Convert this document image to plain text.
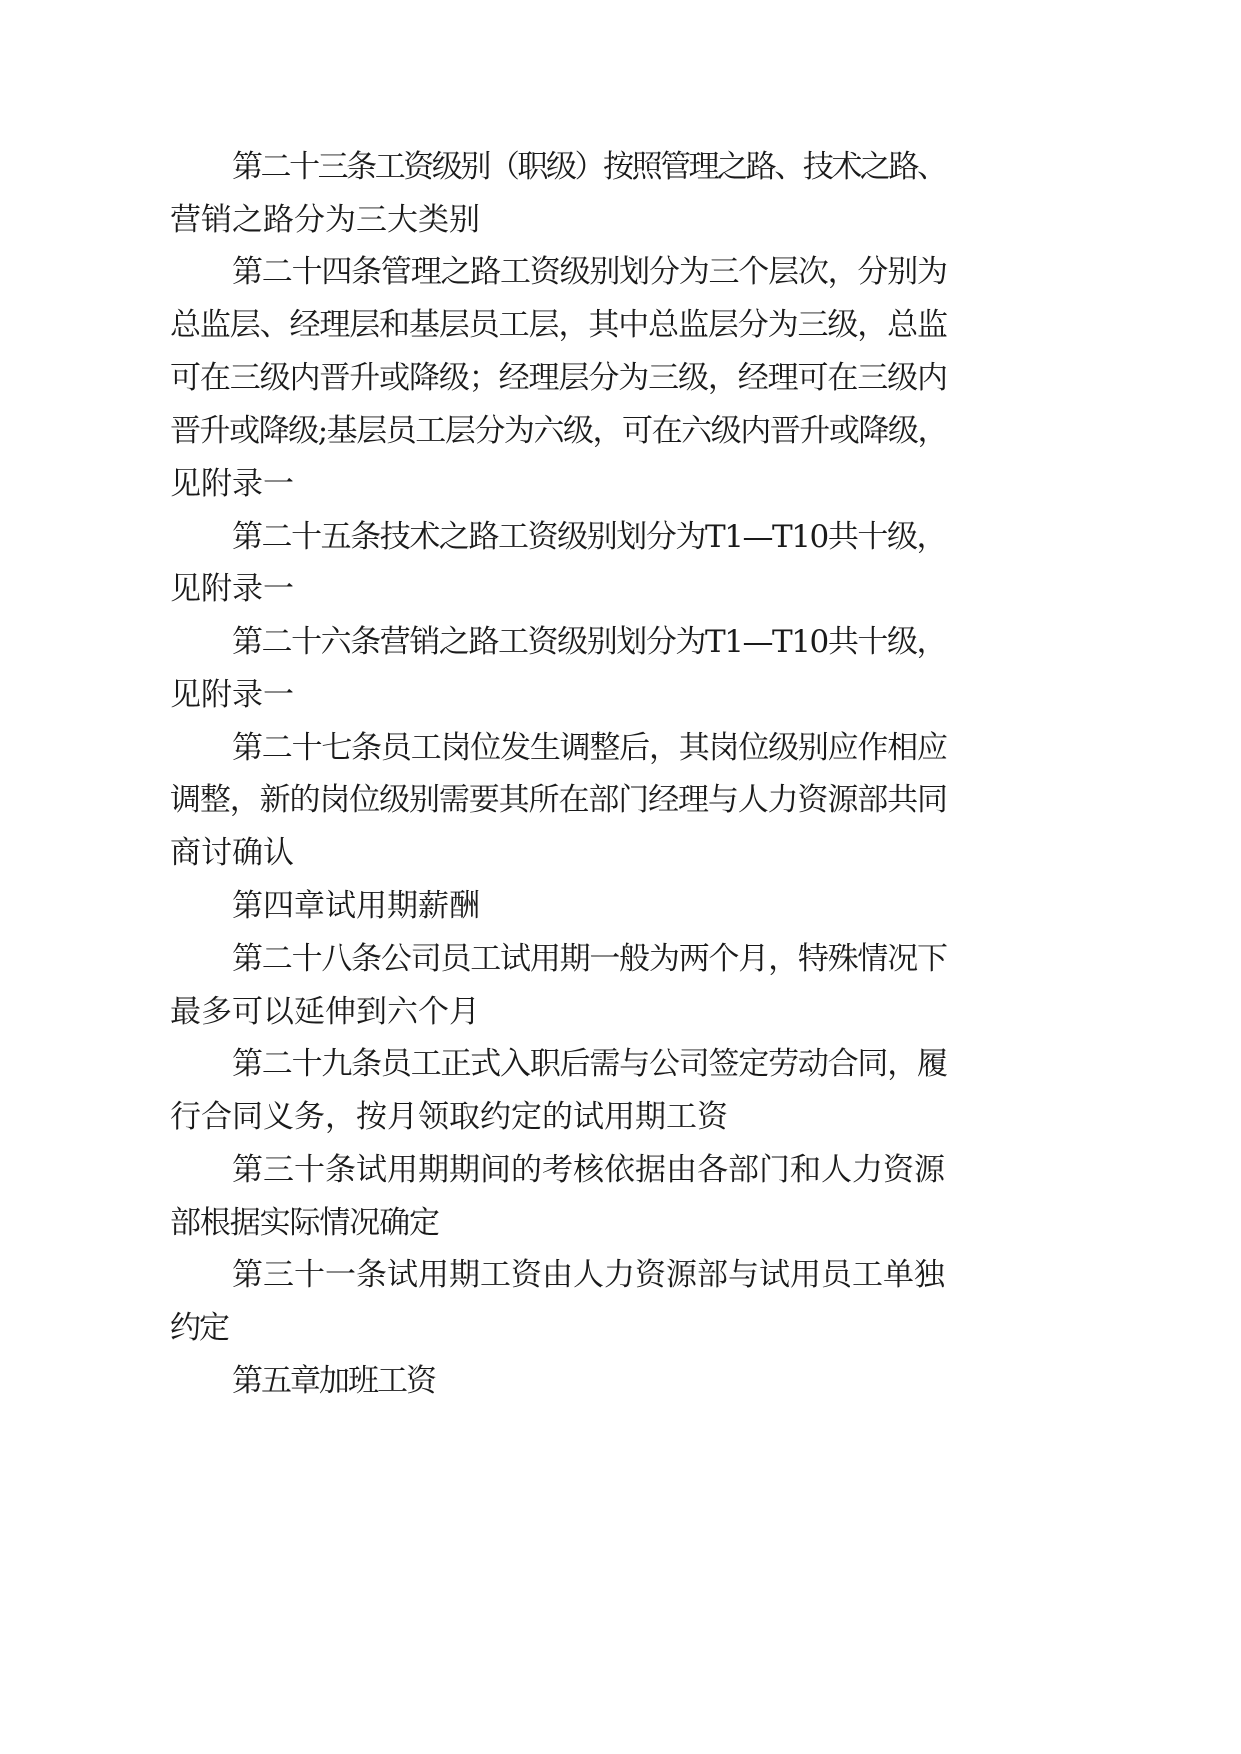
第二十三条工资级别（职级）按照管理之路、技术之路、

营销之路分为三大类别

第二十四条管理之路工资级别划分为三个层次，分别为

总监层、经理层和基层员工层，其中总监层分为三级，总监

可在三级内晋升或降级；经理层分为三级，经理可在三级内

晋升或降级;基层员工层分为六级，可在六级内晋升或降级，

见附录一

第二十五条技术之路工资级别划分为T1—T10共十级，

见附录一

第二十六条营销之路工资级别划分为T1—T10共十级，

见附录一

第二十七条员工岗位发生调整后，其岗位级别应作相应

调整，新的岗位级别需要其所在部门经理与人力资源部共同

商讨确认

第四章试用期薪酬

第二十八条公司员工试用期一般为两个月，特殊情况下

最多可以延伸到六个月

第二十九条员工正式入职后需与公司签定劳动合同，履

行合同义务，按月领取约定的试用期工资

第三十条试用期期间的考核依据由各部门和人力资源

部根据实际情况确定

第三十一条试用期工资由人力资源部与试用员工单独

约定

第五章加班工资
